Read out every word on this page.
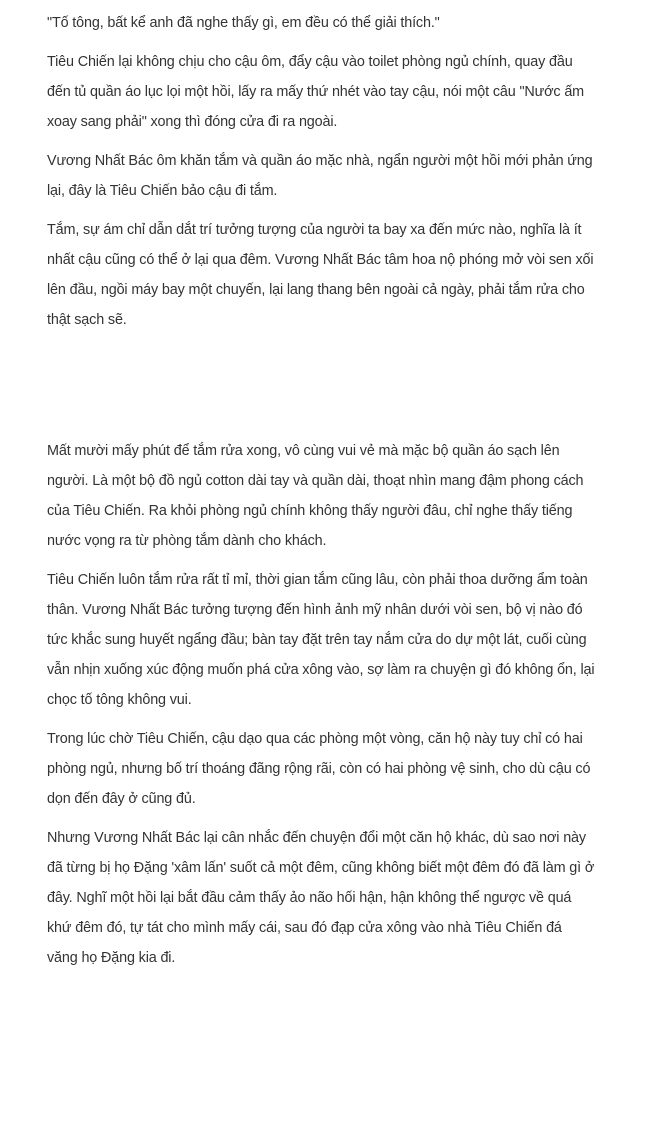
"Tố tông, bất kể anh đã nghe thấy gì, em đều có thể giải thích."

Tiêu Chiến lại không chịu cho cậu ôm, đẩy cậu vào toilet phòng ngủ chính, quay đầu đến tủ quần áo lục lọi một hồi, lấy ra mấy thứ nhét vào tay cậu, nói một câu "Nước ấm xoay sang phải" xong thì đóng cửa đi ra ngoài.

Vương Nhất Bác ôm khăn tắm và quần áo mặc nhà, ngẩn người một hồi mới phản ứng lại, đây là Tiêu Chiến bảo cậu đi tắm.

Tắm, sự ám chỉ dẫn dắt trí tưởng tượng của người ta bay xa đến mức nào, nghĩa là ít nhất cậu cũng có thể ở lại qua đêm. Vương Nhất Bác tâm hoa nộ phóng mở vòi sen xối lên đầu, ngồi máy bay một chuyến, lại lang thang bên ngoài cả ngày, phải tắm rửa cho thật sạch sẽ.

Mất mười mấy phút để tắm rửa xong, vô cùng vui vẻ mà mặc bộ quần áo sạch lên người. Là một bộ đồ ngủ cotton dài tay và quần dài, thoạt nhìn mang đậm phong cách của Tiêu Chiến. Ra khỏi phòng ngủ chính không thấy người đâu, chỉ nghe thấy tiếng nước vọng ra từ phòng tắm dành cho khách.

Tiêu Chiến luôn tắm rửa rất tỉ mỉ, thời gian tắm cũng lâu, còn phải thoa dưỡng ẩm toàn thân. Vương Nhất Bác tưởng tượng đến hình ảnh mỹ nhân dưới vòi sen, bộ vị nào đó tức khắc sung huyết ngẩng đầu; bàn tay đặt trên tay nắm cửa do dự một lát, cuối cùng vẫn nhịn xuống xúc động muốn phá cửa xông vào, sợ làm ra chuyện gì đó không ổn, lại chọc tố tông không vui.

Trong lúc chờ Tiêu Chiến, cậu dạo qua các phòng một vòng, căn hộ này tuy chỉ có hai phòng ngủ, nhưng bố trí thoáng đãng rộng rãi, còn có hai phòng vệ sinh, cho dù cậu có dọn đến đây ở cũng đủ.

Nhưng Vương Nhất Bác lại cân nhắc đến chuyện đổi một căn hộ khác, dù sao nơi này đã từng bị họ Đặng 'xâm lấn' suốt cả một đêm, cũng không biết một đêm đó đã làm gì ở đây. Nghĩ một hồi lại bắt đầu cảm thấy ảo não hối hận, hận không thể ngược về quá khứ đêm đó, tự tát cho mình mấy cái, sau đó đạp cửa xông vào nhà Tiêu Chiến đá văng họ Đặng kia đi.
